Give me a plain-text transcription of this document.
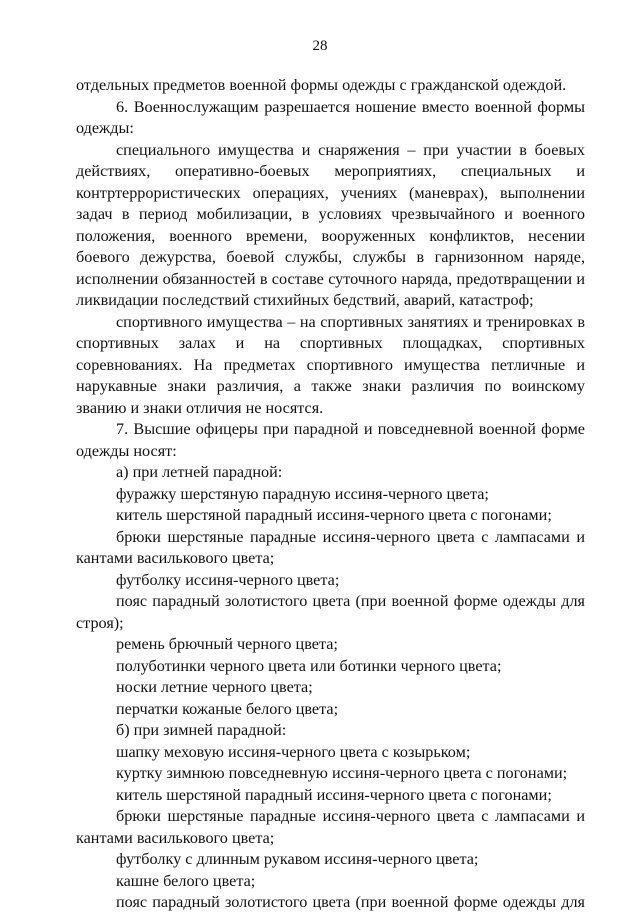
28

отдельных предметов военной формы одежды с гражданской одеждой.

6. Военнослужащим разрешается ношение вместо военной формы одежды:

специального имущества и снаряжения – при участии в боевых действиях, оперативно-боевых мероприятиях, специальных и контртеррористических операциях, учениях (маневрах), выполнении задач в период мобилизации, в условиях чрезвычайного и военного положения, военного времени, вооруженных конфликтов, несении боевого дежурства, боевой службы, службы в гарнизонном наряде, исполнении обязанностей в составе суточного наряда, предотвращении и ликвидации последствий стихийных бедствий, аварий, катастроф;

спортивного имущества – на спортивных занятиях и тренировках в спортивных залах и на спортивных площадках, спортивных соревнованиях. На предметах спортивного имущества петличные и нарукавные знаки различия, а также знаки различия по воинскому званию и знаки отличия не носятся.

7. Высшие офицеры при парадной и повседневной военной форме одежды носят:

а) при летней парадной:

фуражку шерстяную парадную иссиня-черного цвета;

китель шерстяной парадный иссиня-черного цвета с погонами;

брюки шерстяные парадные иссиня-черного цвета с лампасами и кантами василькового цвета;

футболку иссиня-черного цвета;

пояс парадный золотистого цвета (при военной форме одежды для строя);

ремень брючный черного цвета;

полуботинки черного цвета или ботинки черного цвета;

носки летние черного цвета;

перчатки кожаные белого цвета;

б) при зимней парадной:

шапку меховую иссиня-черного цвета с козырьком;

куртку зимнюю повседневную иссиня-черного цвета с погонами;

китель шерстяной парадный иссиня-черного цвета с погонами;

брюки шерстяные парадные иссиня-черного цвета с лампасами и кантами василькового цвета;

футболку с длинным рукавом иссиня-черного цвета;

кашне белого цвета;

пояс парадный золотистого цвета (при военной форме одежды для
